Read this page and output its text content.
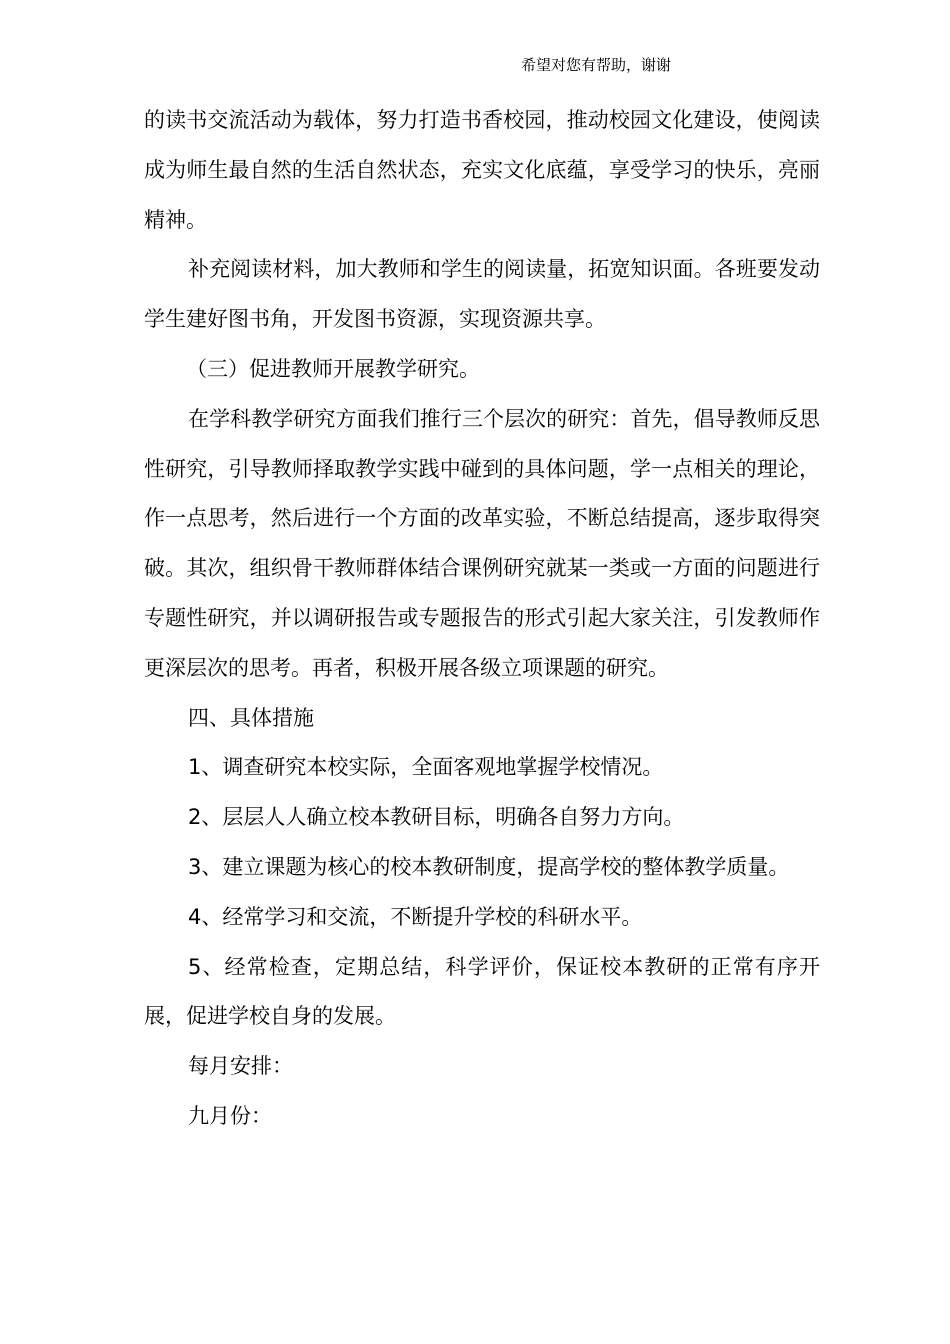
希望对您有帮助，谢谢

的读书交流活动为载体，努力打造书香校园，推动校园文化建设，使阅读成为师生最自然的生活自然状态，充实文化底蕴，享受学习的快乐，亮丽精神。

补充阅读材料，加大教师和学生的阅读量，拓宽知识面。各班要发动学生建好图书角，开发图书资源，实现资源共享。

（三）促进教师开展教学研究。

在学科教学研究方面我们推行三个层次的研究：首先，倡导教师反思性研究，引导教师择取教学实践中碰到的具体问题，学一点相关的理论，作一点思考，然后进行一个方面的改革实验，不断总结提高，逐步取得突破。其次，组织骨干教师群体结合课例研究就某一类或一方面的问题进行专题性研究，并以调研报告或专题报告的形式引起大家关注，引发教师作更深层次的思考。再者，积极开展各级立项课题的研究。

四、具体措施

1、调查研究本校实际，全面客观地掌握学校情况。

2、层层人人确立校本教研目标，明确各自努力方向。

3、建立课题为核心的校本教研制度，提高学校的整体教学质量。

4、经常学习和交流，不断提升学校的科研水平。

5、经常检查，定期总结，科学评价，保证校本教研的正常有序开展，促进学校自身的发展。

每月安排：

九月份：
